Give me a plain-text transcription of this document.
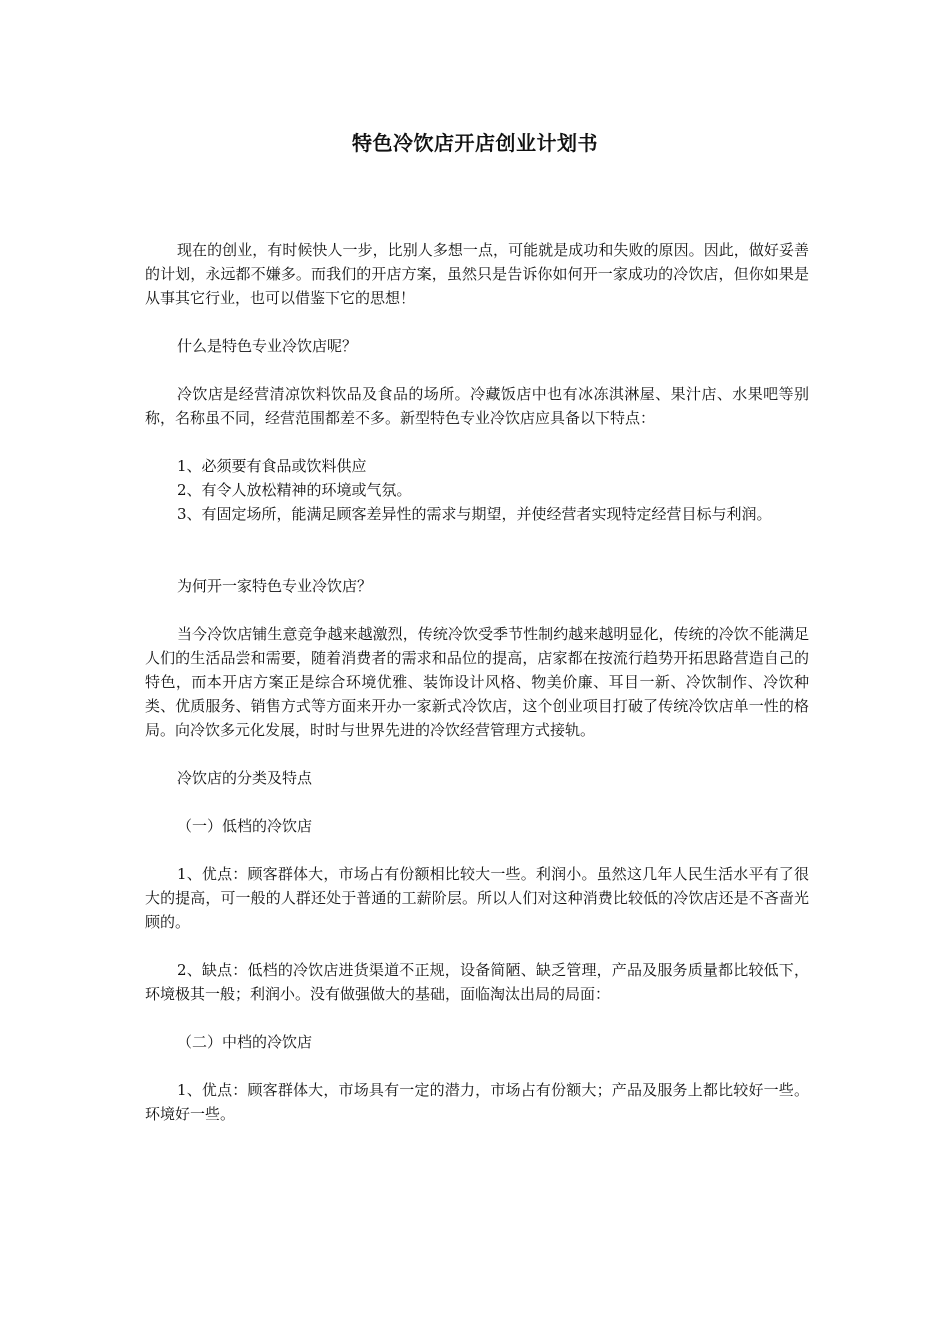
特色冷饮店开店创业计划书

现在的创业，有时候快人一步，比别人多想一点，可能就是成功和失败的原因。因此，做好妥善的计划，永远都不嫌多。而我们的开店方案，虽然只是告诉你如何开一家成功的冷饮店，但你如果是从事其它行业，也可以借鉴下它的思想！

什么是特色专业冷饮店呢？

冷饮店是经营清凉饮料饮品及食品的场所。冷藏饭店中也有冰冻淇淋屋、果汁店、水果吧等别称，名称虽不同，经营范围都差不多。新型特色专业冷饮店应具备以下特点：

1、必须要有食品或饮料供应

2、有令人放松精神的环境或气氛。

3、有固定场所，能满足顾客差异性的需求与期望，并使经营者实现特定经营目标与利润。

为何开一家特色专业冷饮店？

当今冷饮店铺生意竞争越来越激烈，传统冷饮受季节性制约越来越明显化，传统的冷饮不能满足人们的生活品尝和需要，随着消费者的需求和品位的提高，店家都在按流行趋势开拓思路营造自己的特色，而本开店方案正是综合环境优雅、装饰设计风格、物美价廉、耳目一新、冷饮制作、冷饮种类、优质服务、销售方式等方面来开办一家新式冷饮店，这个创业项目打破了传统冷饮店单一性的格局。向冷饮多元化发展，时时与世界先进的冷饮经营管理方式接轨。

冷饮店的分类及特点

（一）低档的冷饮店

1、优点：顾客群体大，市场占有份额相比较大一些。利润小。虽然这几年人民生活水平有了很大的提高，可一般的人群还处于普通的工薪阶层。所以人们对这种消费比较低的冷饮店还是不吝啬光顾的。

2、缺点：低档的冷饮店进货渠道不正规，设备简陋、缺乏管理，产品及服务质量都比较低下，环境极其一般；利润小。没有做强做大的基础，面临淘汰出局的局面：

（二）中档的冷饮店

1、优点：顾客群体大，市场具有一定的潜力，市场占有份额大；产品及服务上都比较好一些。环境好一些。
